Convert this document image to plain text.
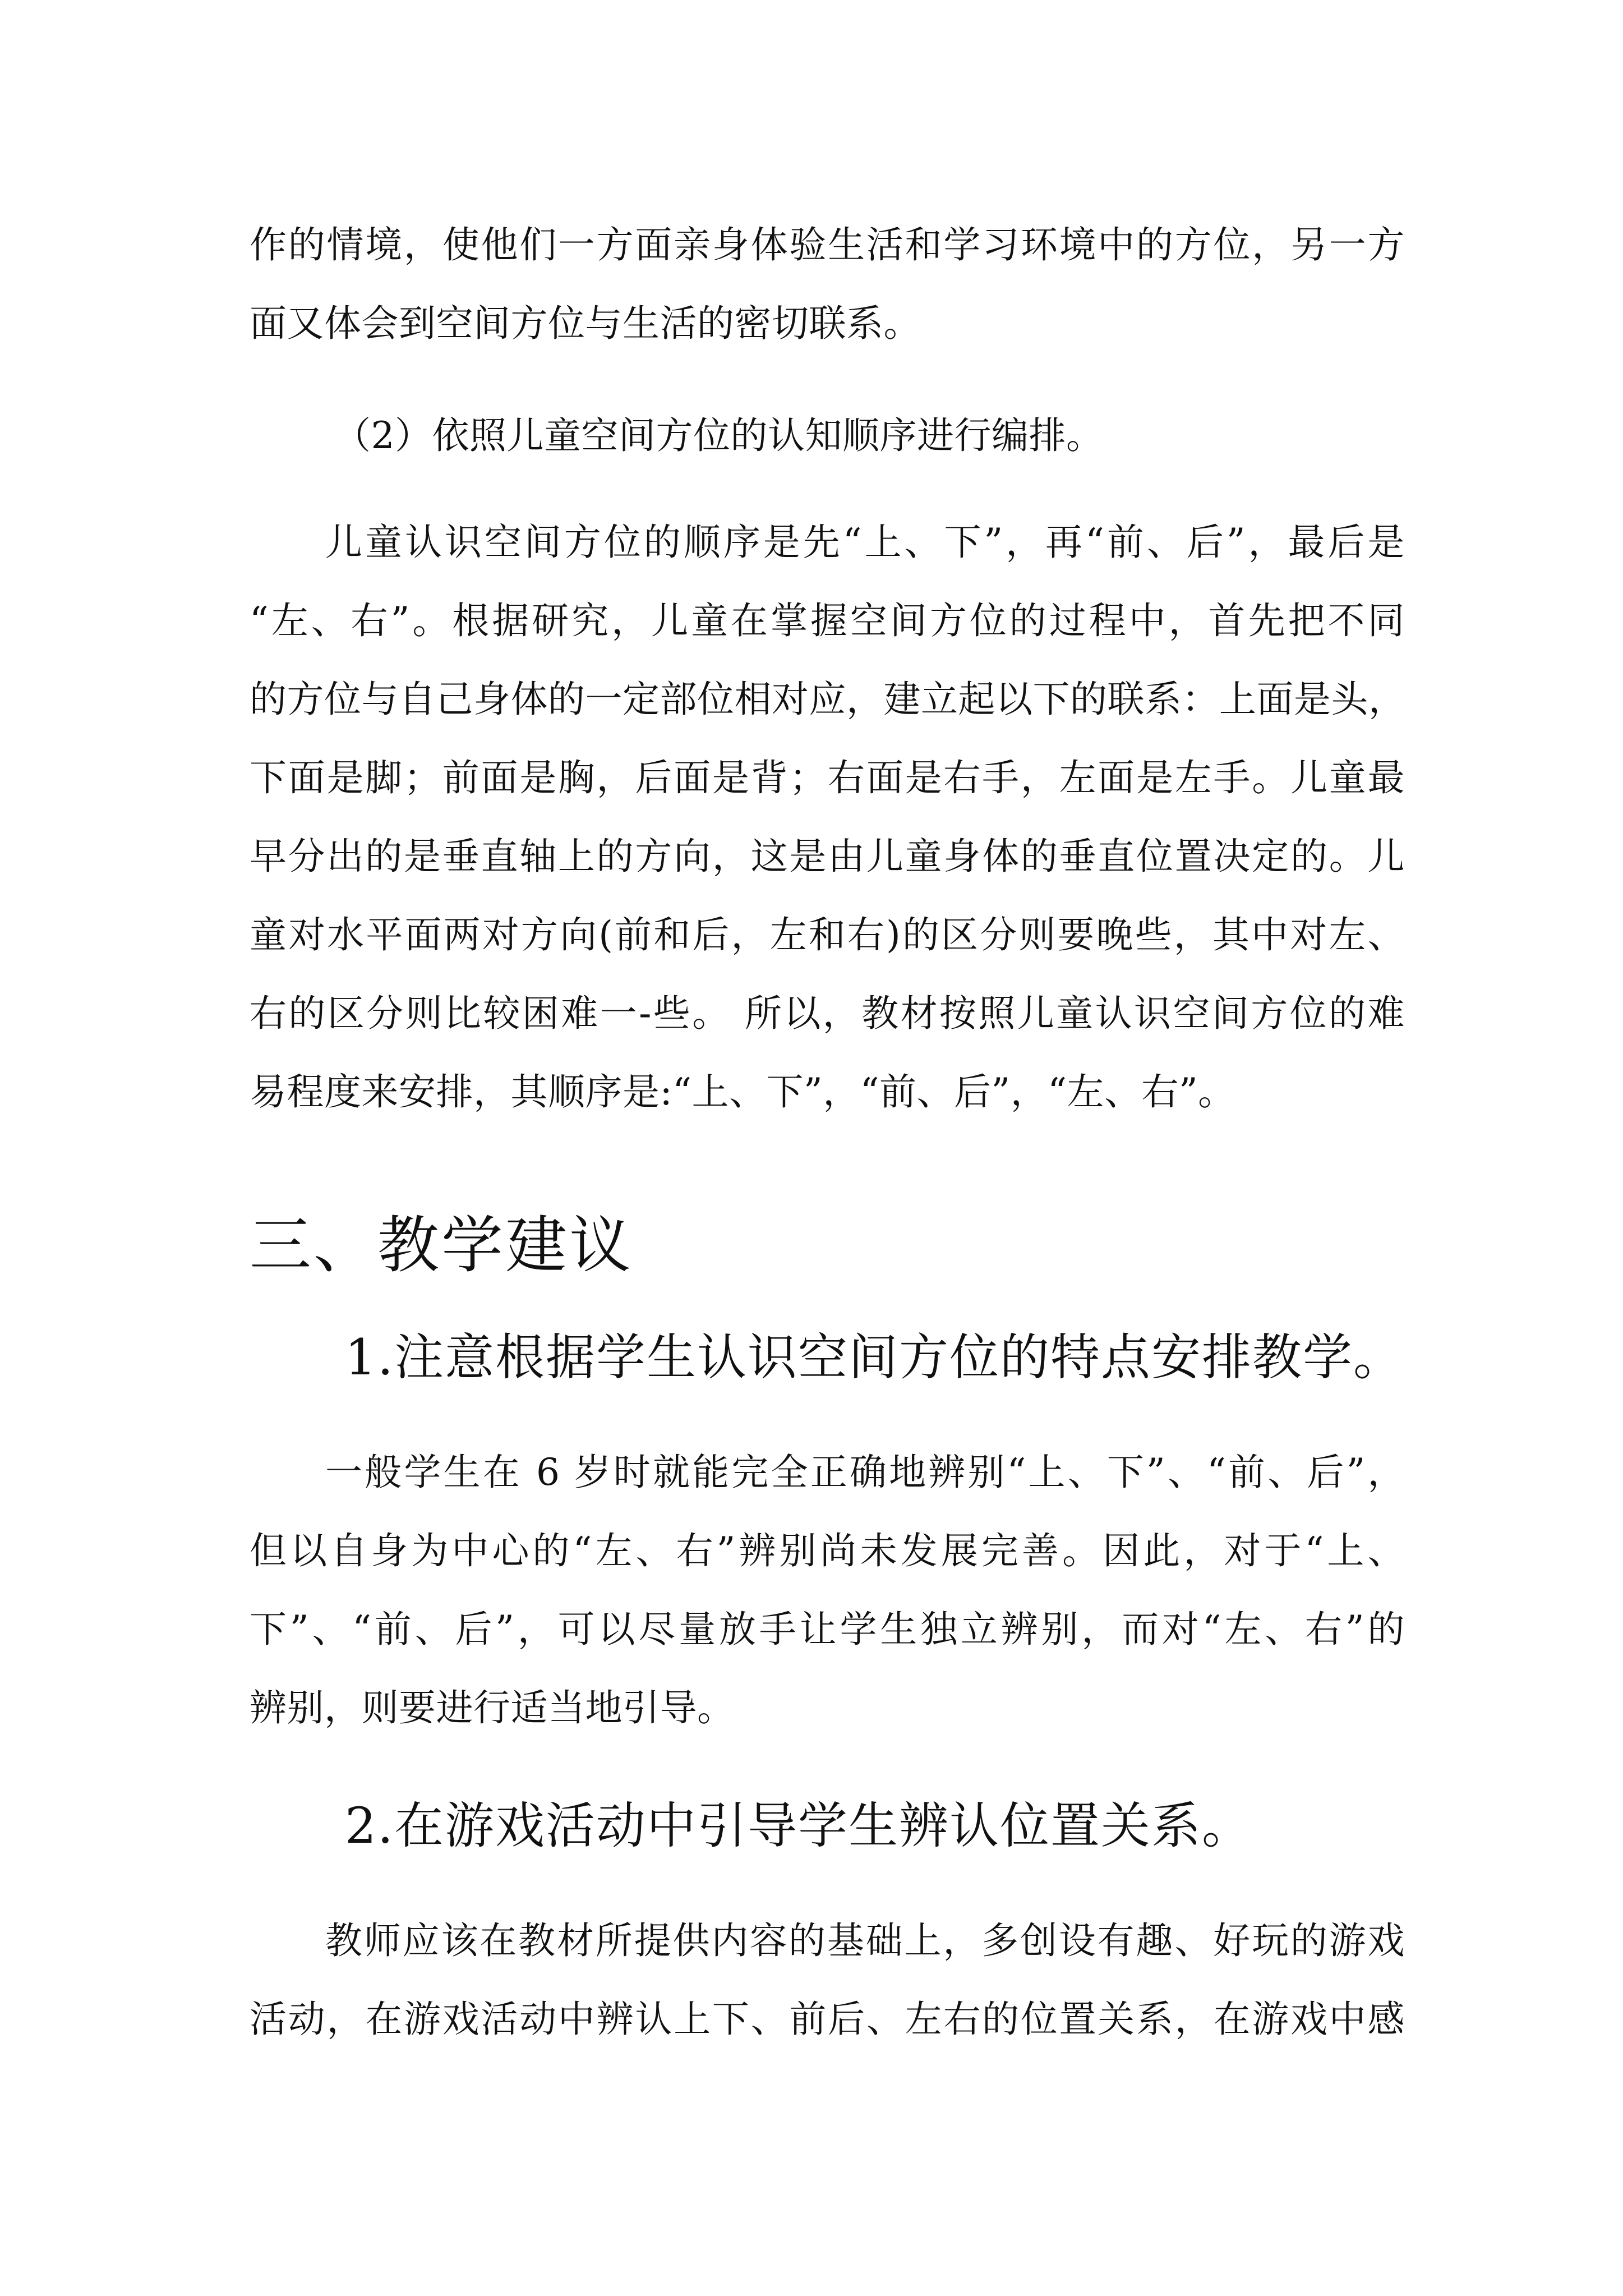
作的情境，使他们一方面亲身体验生活和学习环境中的方位，另一方
面又体会到空间方位与生活的密切联系。
（2）依照儿童空间方位的认知顺序进行编排。
儿童认识空间方位的顺序是先“上、下”，再“前、后”，最后是
“左、右”。根据研究，儿童在掌握空间方位的过程中，首先把不同
的方位与自己身体的一定部位相对应，建立起以下的联系：上面是头，
下面是脚；前面是胸，后面是背；右面是右手，左面是左手。儿童最
早分出的是垂直轴上的方向，这是由儿童身体的垂直位置决定的。儿
童对水平面两对方向(前和后，左和右)的区分则要晚些，其中对左、
右的区分则比较困难一-些。 所以，教材按照儿童认识空间方位的难
易程度来安排，其顺序是:“上、下”，“前、后”，“左、右”。
三、教学建议
1.注意根据学生认识空间方位的特点安排教学。
一般学生在 6 岁时就能完全正确地辨别“上、下”、“前、后”，
但以自身为中心的“左、右”辨别尚未发展完善。因此，对于“上、
下”、“前、后”，可以尽量放手让学生独立辨别，而对“左、右”的
辨别，则要进行适当地引导。
2.在游戏活动中引导学生辨认位置关系。
教师应该在教材所提供内容的基础上，多创设有趣、好玩的游戏
活动，在游戏活动中辨认上下、前后、左右的位置关系，在游戏中感
